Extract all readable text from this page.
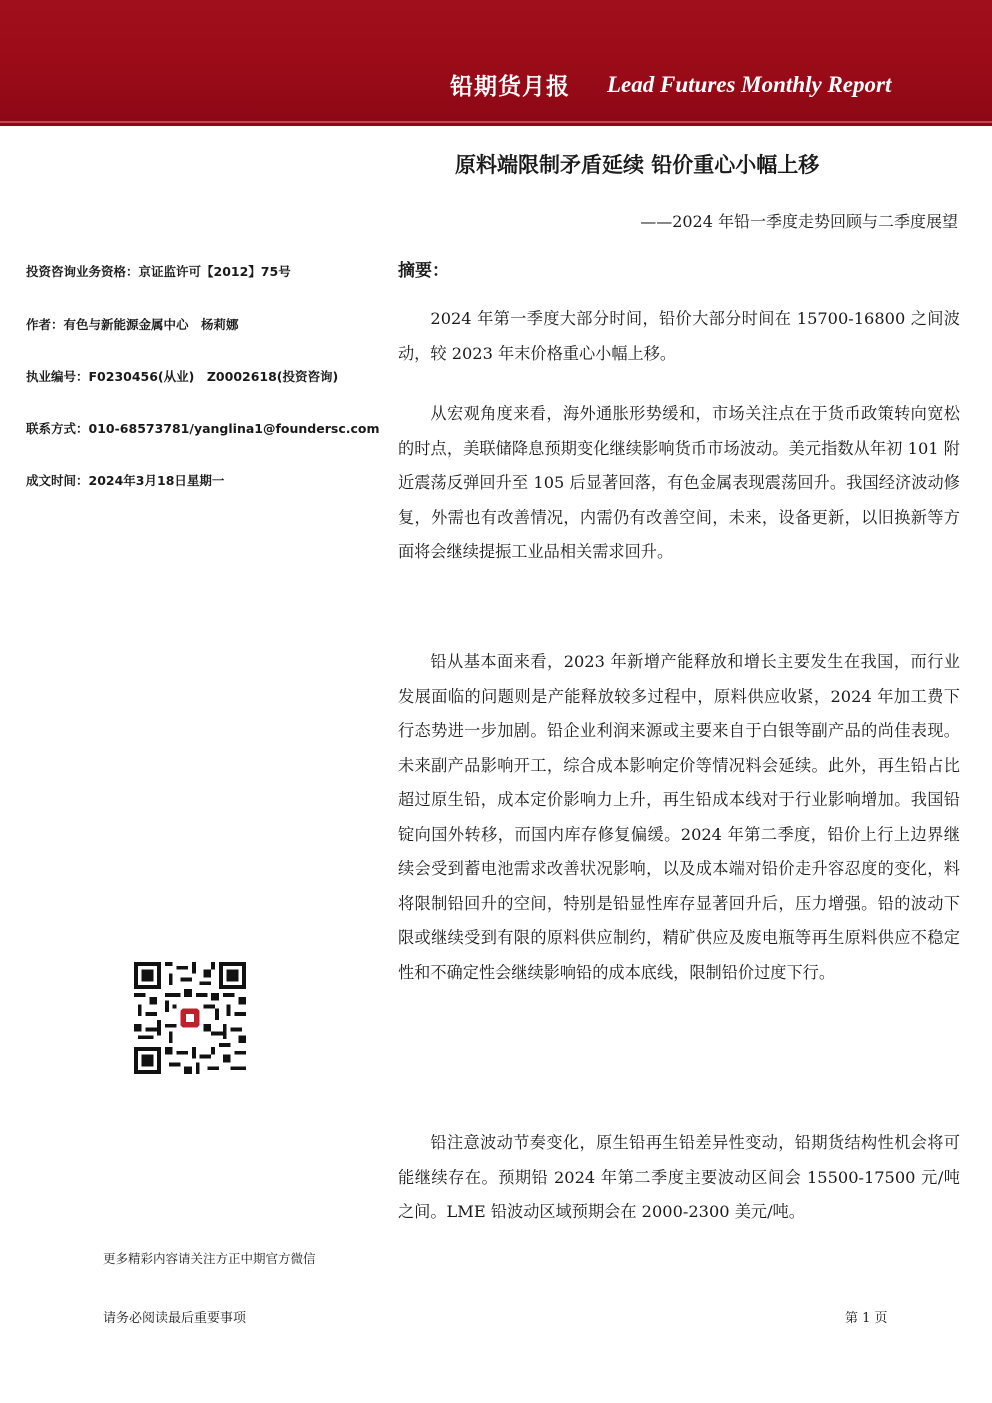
铅期货月报 Lead Futures Monthly Report
原料端限制矛盾延续 铅价重心小幅上移
——2024 年铅一季度走势回顾与二季度展望
投资咨询业务资格：京证监许可【2012】75号
作者：有色与新能源金属中心　杨莉娜
执业编号：F0230456(从业)　Z0002618(投资咨询)
联系方式：010-68573781/yanglina1@foundersc.com
成文时间：2024年3月18日星期一
更多精彩内容请关注方正中期官方微信
摘要：

2024 年第一季度大部分时间，铅价大部分时间在 15700-16800 之间波动，较 2023 年末价格重心小幅上移。

从宏观角度来看，海外通胀形势缓和，市场关注点在于货币政策转向宽松的时点，美联储降息预期变化继续影响货币市场波动。美元指数从年初 101 附近震荡反弹回升至 105 后显著回落，有色金属表现震荡回升。我国经济波动修复，外需也有改善情况，内需仍有改善空间，未来，设备更新，以旧换新等方面将会继续提振工业品相关需求回升。

铅从基本面来看，2023 年新增产能释放和增长主要发生在我国，而行业发展面临的问题则是产能释放较多过程中，原料供应收紧，2024 年加工费下行态势进一步加剧。铅企业利润来源或主要来自于白银等副产品的尚佳表现。未来副产品影响开工，综合成本影响定价等情况料会延续。此外，再生铅占比超过原生铅，成本定价影响力上升，再生铅成本线对于行业影响增加。我国铅锭向国外转移，而国内库存修复偏缓。2024 年第二季度，铅价上行上边界继续会受到蓄电池需求改善状况影响，以及成本端对铅价走升容忍度的变化，料将限制铅回升的空间，特别是铅显性库存显著回升后，压力增强。铅的波动下限或继续受到有限的原料供应制约，精矿供应及废电瓶等再生原料供应不稳定性和不确定性会继续影响铅的成本底线，限制铅价过度下行。

铅注意波动节奏变化，原生铅再生铅差异性变动，铅期货结构性机会将可能继续存在。预期铅 2024 年第二季度主要波动区间会 15500-17500 元/吨之间。LME 铅波动区域预期会在 2000-2300 美元/吨。

请务必阅读最后重要事项	第 1 页
